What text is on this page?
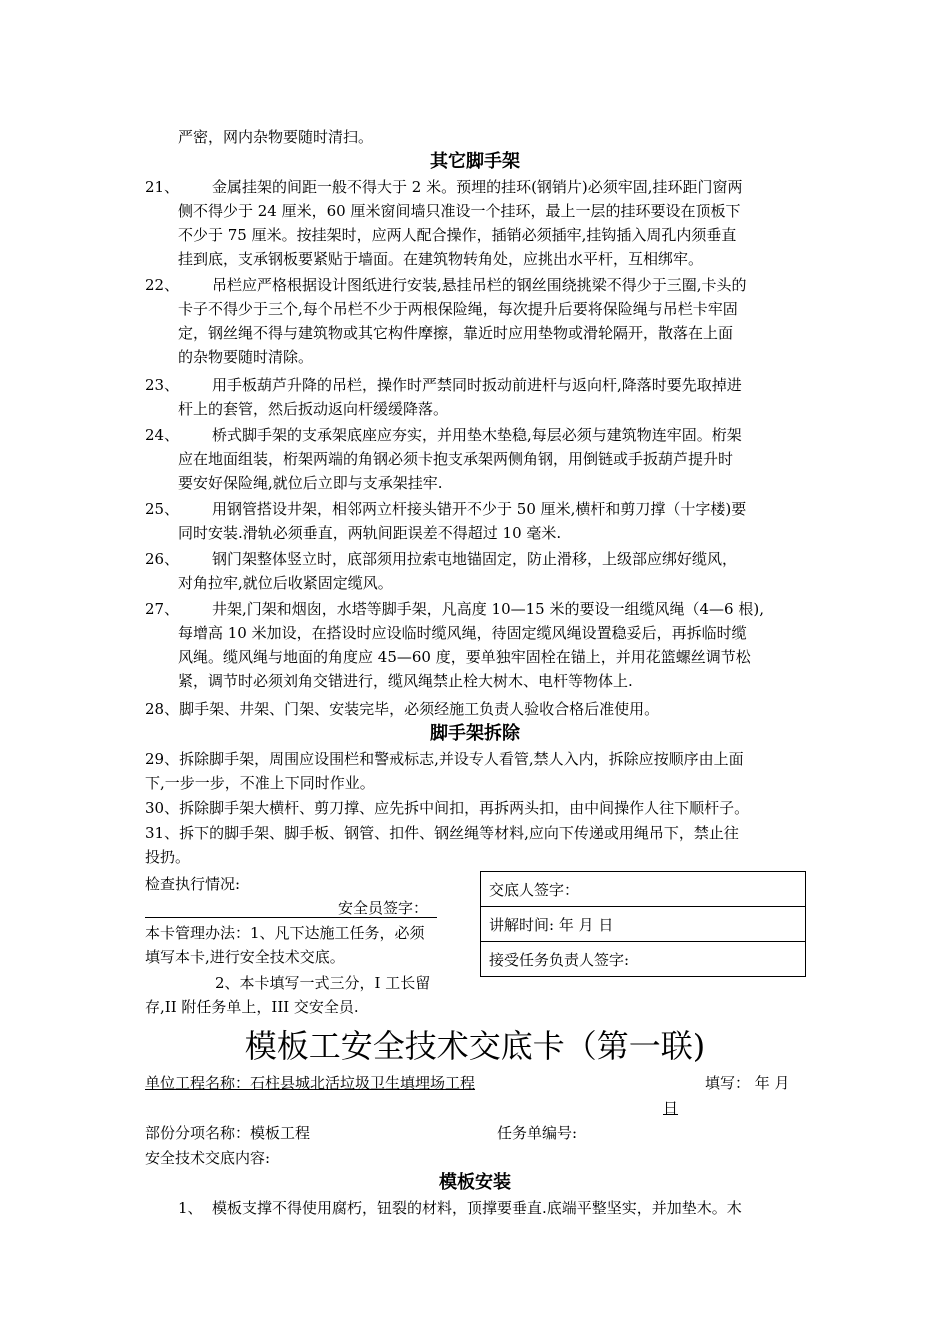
严密，网内杂物要随时清扫。
其它脚手架
21、 金属挂架的间距一般不得大于 2 米。预埋的挂环(钢销片)必须牢固,挂环距门窗两
侧不得少于 24 厘米，60 厘米窗间墙只准设一个挂环，最上一层的挂环要设在顶板下
不少于 75 厘米。按挂架时，应两人配合操作，插销必须插牢,挂钩插入周孔内须垂直
挂到底，支承钢板要紧贴于墙面。在建筑物转角处，应挑出水平杆，互相绑牢。
22、 吊栏应严格根据设计图纸进行安装,悬挂吊栏的钢丝围绕挑梁不得少于三圈,卡头的
卡子不得少于三个,每个吊栏不少于两根保险绳，每次提升后要将保险绳与吊栏卡牢固
定，钢丝绳不得与建筑物或其它构件摩擦，靠近时应用垫物或滑轮隔开，散落在上面
的杂物要随时清除。
23、 用手板葫芦升降的吊栏，操作时严禁同时扳动前进杆与返向杆,降落时要先取掉进
杆上的套管，然后扳动返向杆缓缓降落。
24、 桥式脚手架的支承架底座应夯实，并用垫木垫稳,每层必须与建筑物连牢固。桁架
应在地面组装，桁架两端的角钢必须卡抱支承架两侧角钢，用倒链或手扳葫芦提升时
要安好保险绳,就位后立即与支承架挂牢.
25、 用钢管搭设井架，相邻两立杆接头错开不少于 50 厘米,横杆和剪刀撑（十字楼)要
同时安装.滑轨必须垂直，两轨间距误差不得超过 10 毫米.
26、 钢门架整体竖立时，底部须用拉索屯地锚固定，防止滑移，上级部应绑好缆风，
对角拉牢,就位后收紧固定缆风。
27、 井架,门架和烟囱，水塔等脚手架，凡高度 10—15 米的要设一组缆风绳（4—6 根),
每增高 10 米加设，在搭设时应设临时缆风绳，待固定缆风绳设置稳妥后，再拆临时缆
风绳。缆风绳与地面的角度应 45—60 度，要单独牢固栓在锚上，并用花篮螺丝调节松
紧，调节时必须刘角交错进行，缆风绳禁止栓大树木、电杆等物体上.
28、脚手架、井架、门架、安装完毕，必须经施工负责人验收合格后准使用。
脚手架拆除
29、拆除脚手架，周围应设围栏和警戒标志,并设专人看管,禁人入内，拆除应按顺序由上面
下,一步一步，不准上下同时作业。
30、拆除脚手架大横杆、剪刀撑、应先拆中间扣，再拆两头扣，由中间操作人往下顺杆子。
31、拆下的脚手架、脚手板、钢管、扣件、钢丝绳等材料,应向下传递或用绳吊下，禁止往
投扔。
检查执行情况:
安全员签字：
本卡管理办法：1、凡下达施工任务，必须
填写本卡,进行安全技术交底。
2、本卡填写一式三分，I 工长留
存,II 附任务单上，III 交安全员.
交底人签字：
讲解时间: 年 月 日
接受任务负责人签字:
模板工安全技术交底卡（第一联)
单位工程名称：石柱县城北活垃圾卫生填埋场工程	填写： 年 月
日
部份分项名称：模板工程	任务单编号:
安全技术交底内容:
模板安装
1、 模板支撑不得使用腐朽，钮裂的材料，顶撑要垂直.底端平整坚实，并加垫木。木
